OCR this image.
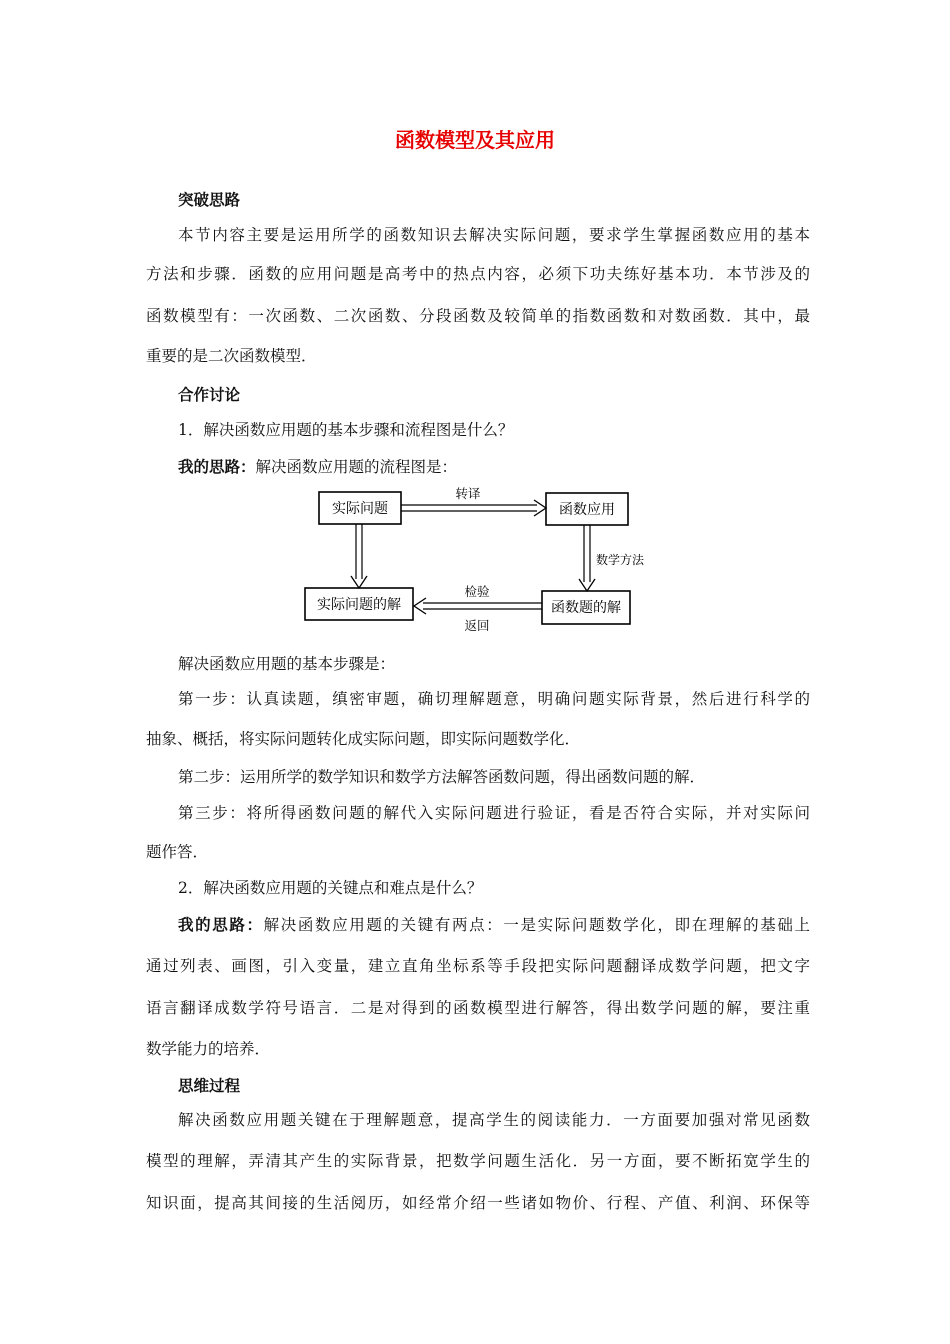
函数模型及其应用
突破思路
本节内容主要是运用所学的函数知识去解决实际问题，要求学生掌握函数应用的基本
方法和步骤．函数的应用问题是高考中的热点内容，必须下功夫练好基本功．本节涉及的
函数模型有：一次函数、二次函数、分段函数及较简单的指数函数和对数函数．其中，最
重要的是二次函数模型．
合作讨论
1．解决函数应用题的基本步骤和流程图是什么？
我的思路：解决函数应用题的流程图是：
实际问题	函数应用
函数题的解
实际问题的解
转译
数学方法
检验
返回
解决函数应用题的基本步骤是：
第一步：认真读题，缜密审题，确切理解题意，明确问题实际背景，然后进行科学的
抽象、概括，将实际问题转化成实际问题，即实际问题数学化．
第二步：运用所学的数学知识和数学方法解答函数问题，得出函数问题的解．
第三步：将所得函数问题的解代入实际问题进行验证，看是否符合实际，并对实际问
题作答．
2．解决函数应用题的关键点和难点是什么？
我的思路：解决函数应用题的关键有两点：一是实际问题数学化，即在理解的基础上
通过列表、画图，引入变量，建立直角坐标系等手段把实际问题翻译成数学问题，把文字
语言翻译成数学符号语言．二是对得到的函数模型进行解答，得出数学问题的解，要注重
数学能力的培养．
思维过程
解决函数应用题关键在于理解题意，提高学生的阅读能力．一方面要加强对常见函数
模型的理解，弄清其产生的实际背景，把数学问题生活化．另一方面，要不断拓宽学生的
知识面，提高其间接的生活阅历，如经常介绍一些诸如物价、行程、产值、利润、环保等
